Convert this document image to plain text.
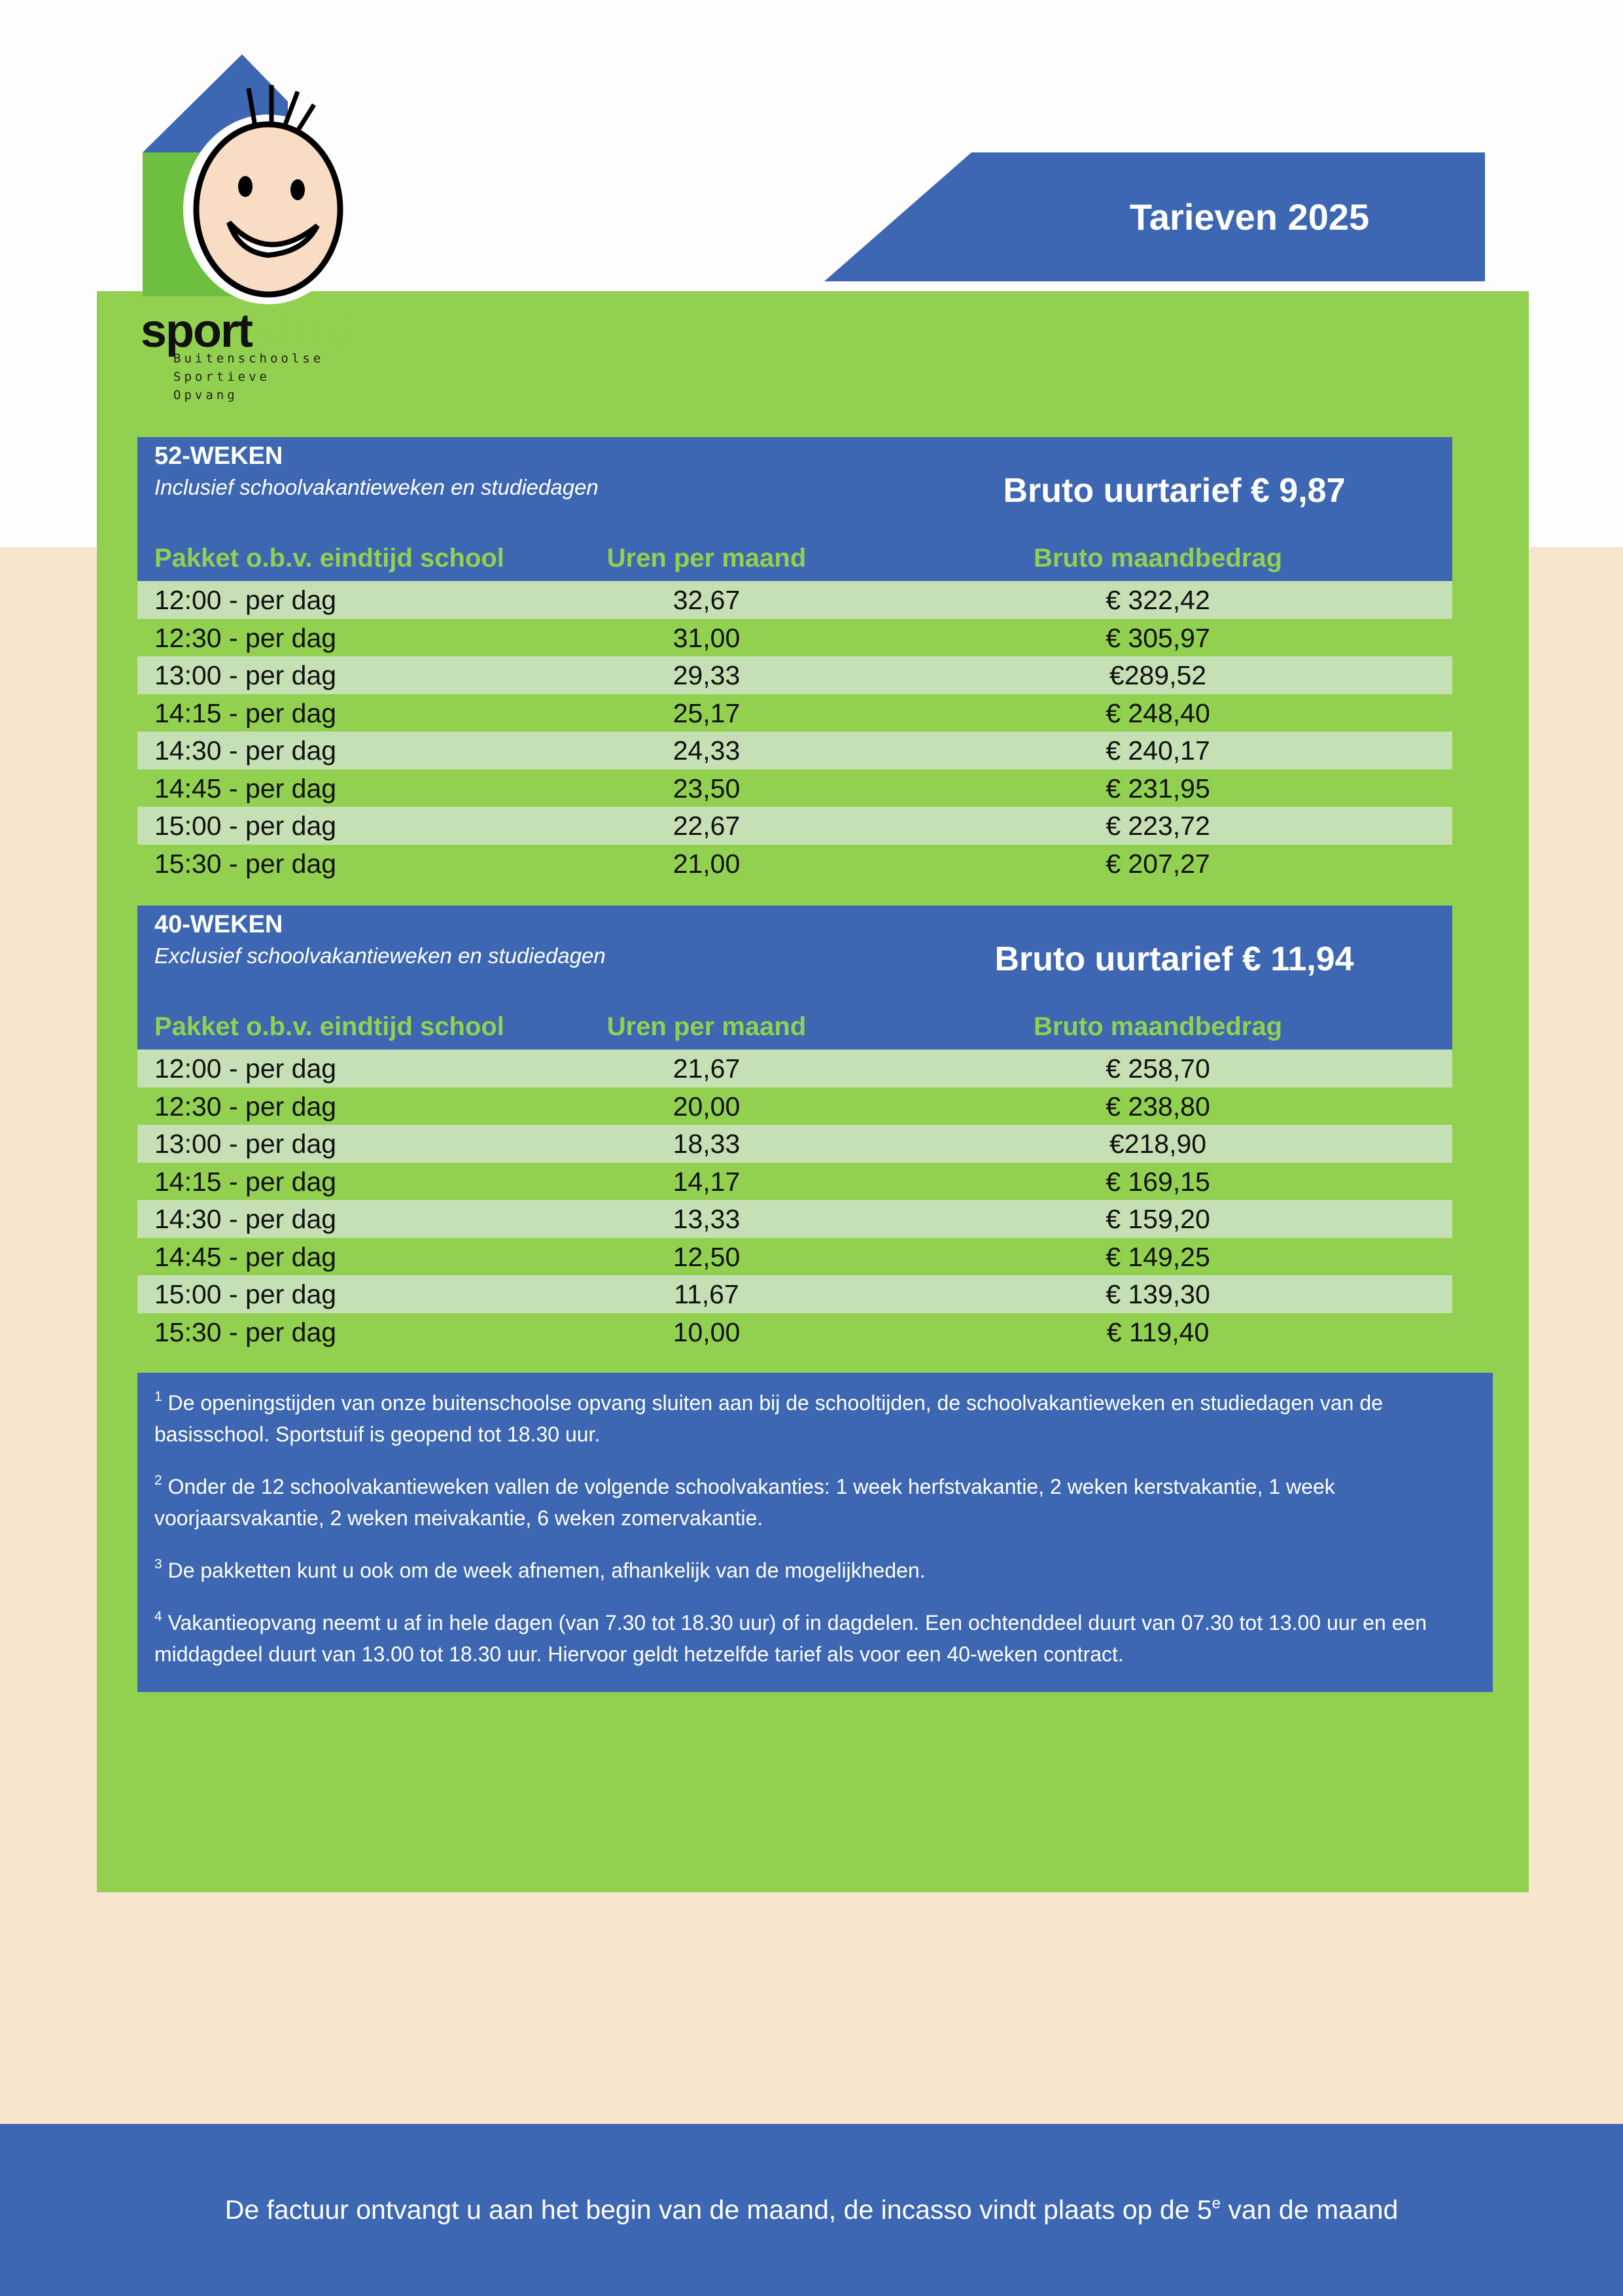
sportstuif
Buitenschoolse
Sportieve
Opvang
Tarieven 2025
52-WEKEN
Inclusief schoolvakantieweken en studiedagen	Bruto uurtarief € 9,87
Pakket o.b.v. eindtijd school	Uren per maand	Bruto maandbedrag
12:00 - per dag	32,67	€ 322,42
12:30 - per dag	31,00	€ 305,97
13:00 - per dag	29,33	€289,52
14:15 - per dag	25,17	€ 248,40
14:30 - per dag	24,33	€ 240,17
14:45 - per dag	23,50	€ 231,95
15:00 - per dag	22,67	€ 223,72
15:30 - per dag	21,00	€ 207,27
40-WEKEN
Exclusief schoolvakantieweken en studiedagen	Bruto uurtarief € 11,94
Pakket o.b.v. eindtijd school	Uren per maand	Bruto maandbedrag
12:00 - per dag	21,67	€ 258,70
12:30 - per dag	20,00	€ 238,80
13:00 - per dag	18,33	€218,90
14:15 - per dag	14,17	€ 169,15
14:30 - per dag	13,33	€ 159,20
14:45 - per dag	12,50	€ 149,25
15:00 - per dag	11,67	€ 139,30
15:30 - per dag	10,00	€ 119,40

$^1$ De openingstijden van onze buitenschoolse opvang sluiten aan bij de schooltijden, de schoolvakantieweken en studiedagen van de basisschool. Sportstuif is geopend tot 18.30 uur.

$^2$ Onder de 12 schoolvakantieweken vallen de volgende schoolvakanties: 1 week herfstvakantie, 2 weken kerstvakantie, 1 week voorjaarsvakantie, 2 weken meivakantie, 6 weken zomervakantie.

$^3$ De pakketten kunt u ook om de week afnemen, afhankelijk van de mogelijkheden.

$^4$ Vakantieopvang neemt u af in hele dagen (van 7.30 tot 18.30 uur) of in dagdelen. Een ochtenddeel duurt van 07.30 tot 13.00 uur en een middagdeel duurt van 13.00 tot 18.30 uur. Hiervoor geldt hetzelfde tarief als voor een 40-weken contract.

De factuur ontvangt u aan het begin van de maand, de incasso vindt plaats op de 5e van de maand
